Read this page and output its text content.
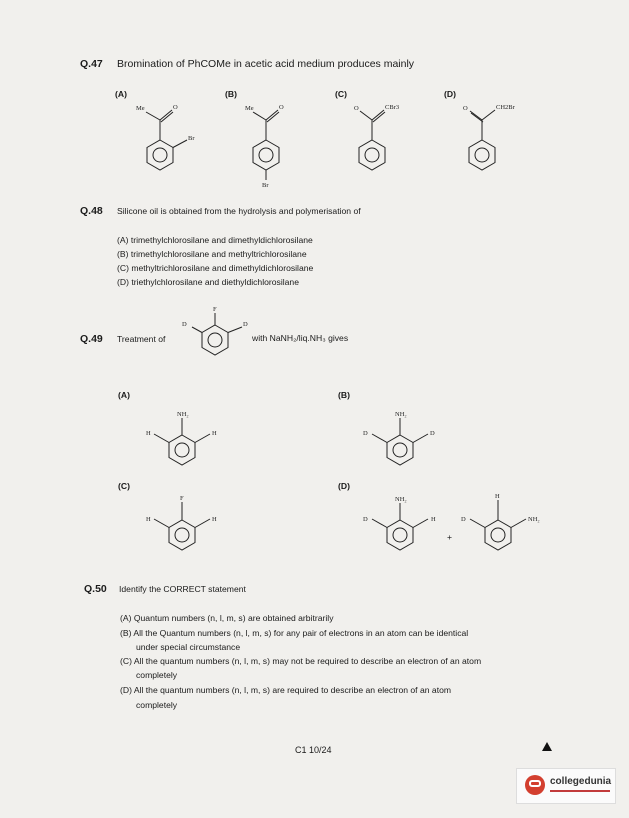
Q.47 Bromination of PhCOMe in acetic acid medium produces mainly
(A)	(B)	(C)	(D)
Me	O
Br
Me	O
Br
CBr3
O	CH2Br
O
Q.48 Silicone oil is obtained from the hydrolysis and polymerisation of
(A) trimethylchlorosilane and dimethyldichlorosilane
(B) trimethylchlorosilane and methyltrichlorosilane
(C) methyltrichlorosilane and dimethyldichlorosilane
(D) triethylchlorosilane and diethyldichlorosilane
Q.49 Treatment of
F
D	D
with NaNH₂/liq.NH₃ gives
(A)	(B)
(C)	(D)
NH₂
H	H
NH₂
D	D
F
H	H
NH₂
D	H
+
H
D	NH₂
Q.50 Identify the CORRECT statement
(A) Quantum numbers (n, l, m, s) are obtained arbitrarily
(B) All the Quantum numbers (n, l, m, s) for any pair of electrons in an atom can be identical
under special circumstance
(C) All the quantum numbers (n, l, m, s) may not be required to describe an electron of an atom
completely
(D) All the quantum numbers (n, l, m, s) are required to describe an electron of an atom
completely
C1 10/24
collegedunia
